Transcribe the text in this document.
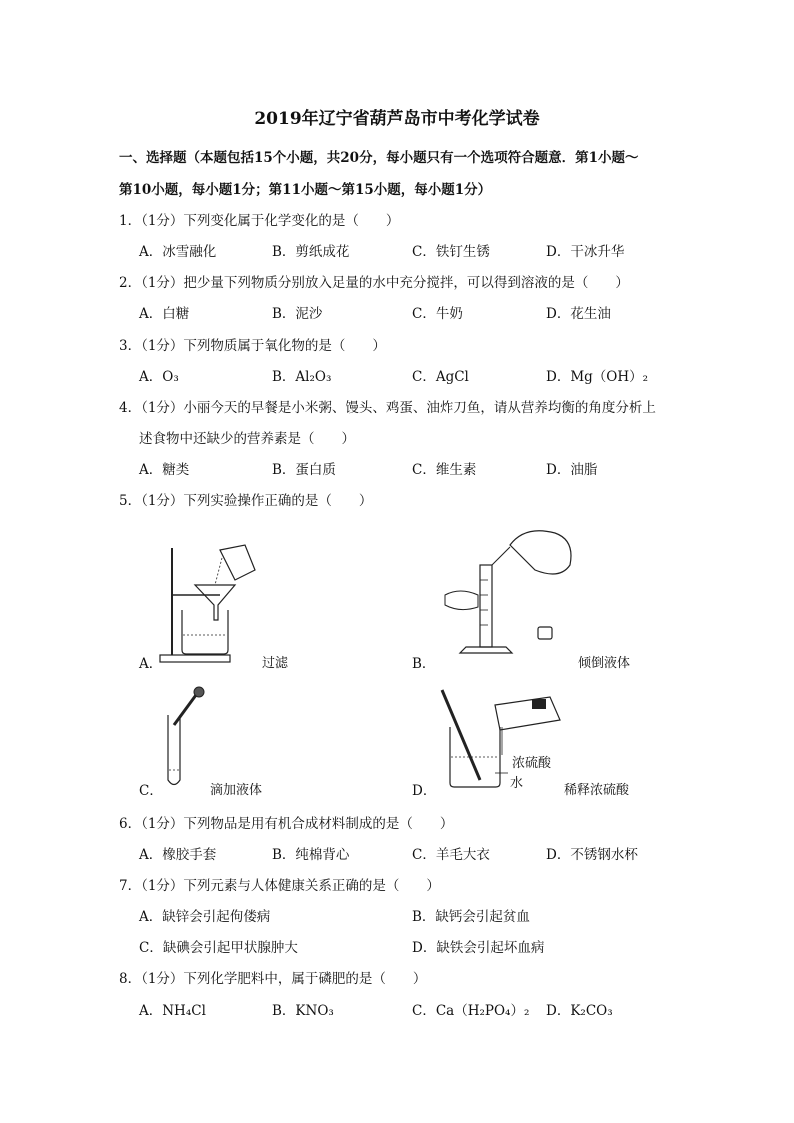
2019年辽宁省葫芦岛市中考化学试卷
一、选择题（本题包括15个小题，共20分，每小题只有一个选项符合题意．第1小题～
第10小题，每小题1分；第11小题～第15小题，每小题1分）
1．（1分）下列变化属于化学变化的是（　　）
A．冰雪融化	B．剪纸成花	C．铁钉生锈	D．干冰升华
2．（1分）把少量下列物质分别放入足量的水中充分搅拌，可以得到溶液的是（　　）
A．白糖	B．泥沙	C．牛奶	D．花生油
3．（1分）下列物质属于氧化物的是（　　）
A．O₃	B．Al₂O₃	C．AgCl	D．Mg（OH）₂
4．（1分）小丽今天的早餐是小米粥、馒头、鸡蛋、油炸刀鱼，请从营养均衡的角度分析上
述食物中还缺少的营养素是（　　）
A．糖类	B．蛋白质	C．维生素	D．油脂
5．（1分）下列实验操作正确的是（　　）
A．	过滤	B．	倾倒液体
C．	滴加液体
浓硫酸
水
D．	稀释浓硫酸
6．（1分）下列物品是用有机合成材料制成的是（　　）
A．橡胶手套	B．纯棉背心	C．羊毛大衣	D．不锈钢水杯
7．（1分）下列元素与人体健康关系正确的是（　　）
A．缺锌会引起佝偻病	B．缺钙会引起贫血
C．缺碘会引起甲状腺肿大	D．缺铁会引起坏血病
8．（1分）下列化学肥料中，属于磷肥的是（　　）
A．NH₄Cl	B．KNO₃	C．Ca（H₂PO₄）₂ D．K₂CO₃
